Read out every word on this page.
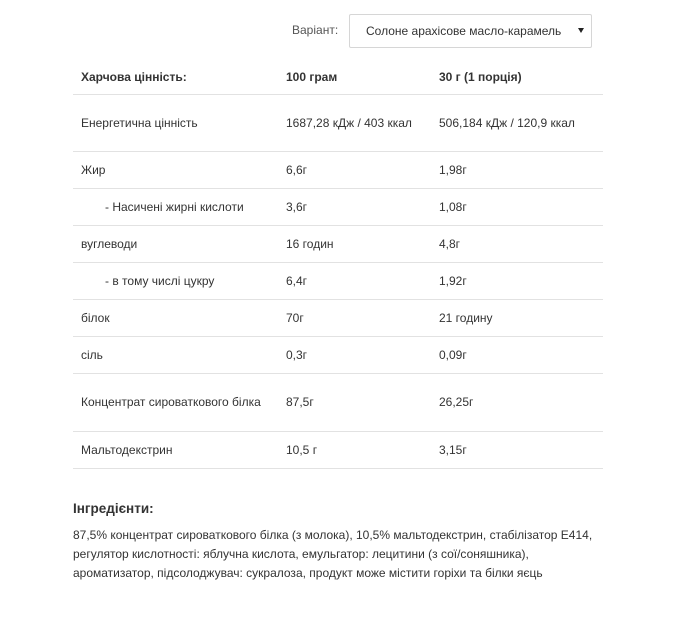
Варіант: Солоне арахісове масло-карамель
Харчова цінність:	100 грам	30 г (1 порція)
Енергетична цінність	1687,28 кДж / 403 ккал	506,184 кДж / 120,9 ккал
Жир	6,6г	1,98г
- Насичені жирні кислоти	3,6г	1,08г
вуглеводи	16 годин	4,8г
- в тому числі цукру	6,4г	1,92г
білок	70г	21 годину
сіль	0,3г	0,09г
Концентрат сироваткового білка	87,5г	26,25г
Мальтодекстрин	10,5 г	3,15г
Інгредієнти:

87,5% концентрат сироваткового білка (з молока), 10,5% мальтодекстрин, стабілізатор Е414, регулятор кислотності: яблучна кислота, емульгатор: лецитини (з сої/соняшника), ароматизатор, підсолоджувач: сукралоза, продукт може містити горіхи та білки яєць
